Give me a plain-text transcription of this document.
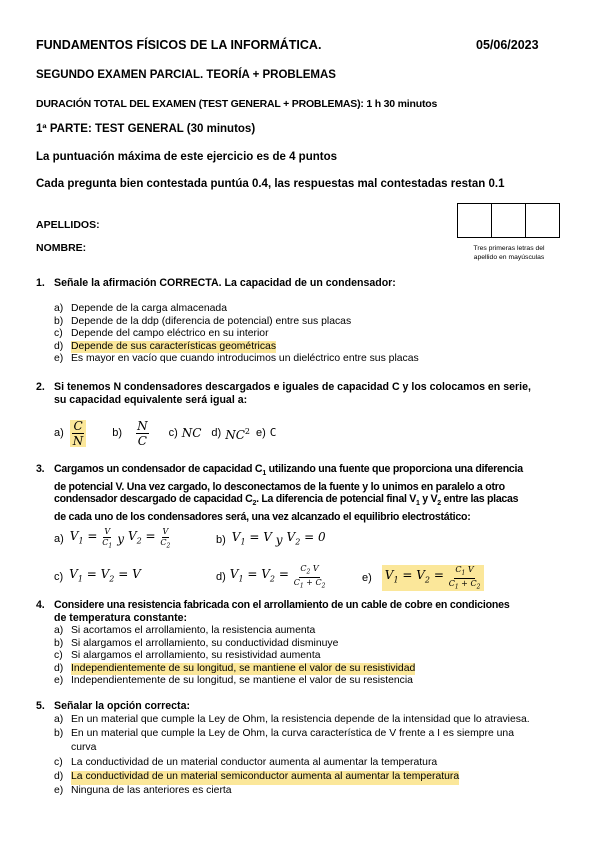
FUNDAMENTOS FÍSICOS DE LA INFORMÁTICA.	05/06/2023
SEGUNDO EXAMEN PARCIAL. TEORÍA + PROBLEMAS
DURACIÓN TOTAL DEL EXAMEN (TEST GENERAL + PROBLEMAS): 1 h 30 minutos
1ª PARTE: TEST GENERAL (30 minutos)
La puntuación máxima de este ejercicio es de 4 puntos
Cada pregunta bien contestada puntúa 0.4, las respuestas mal contestadas restan 0.1
APELLIDOS:
NOMBRE:	Tres primeras letras del
apellido en mayúsculas
1. Señale la afirmación CORRECTA. La capacidad de un condensador:
a) Depende de la carga almacenada
b) Depende de la ddp (diferencia de potencial) entre sus placas
c) Depende del campo eléctrico en su interior
d) Depende de sus características geométricas
e) Es mayor en vacío que cuando introducimos un dieléctrico entre sus placas
2. Si tenemos N condensadores descargados e iguales de capacidad C y los colocamos en serie,
su capacidad equivalente será igual a:
$a) \frac{C}{N} b) \frac{N}{C} c$) NC d) $NC^2$ e) C
3. Cargamos un condensador de capacidad $C_1$ utilizando una fuente que proporciona una diferencia
de potencial V. Una vez cargado, lo desconectamos de la fuente y lo unimos en paralelo a otro
condensador descargado de capacidad $C_2$. La diferencia de potencial final $V_1$ y $V_2$ entre las placas
de cada uno de los condensadores será, una vez alcanzado el equilibrio electrostático:
a) $V_1 = \frac{V}{C_1}$ y $V_2 = \frac{V}{C_2}$	b) $V_1 = V$ y $V_2 = 0$
c) $V_1 = V_2 = V$	d) $V_1 = V_2 = \frac{C_2 V}{C_1 + C_2}$	e) $V_1 = V_2 = \frac{C_1 V}{C_1 + C_2}$
4. Considere una resistencia fabricada con el arrollamiento de un cable de cobre en condiciones
de temperatura constante:
a) Si acortamos el arrollamiento, la resistencia aumenta
b) Si alargamos el arrollamiento, su conductividad disminuye
c) Si alargamos el arrollamiento, su resistividad aumenta
d) Independientemente de su longitud, se mantiene el valor de su resistividad
e) Independientemente de su longitud, se mantiene el valor de su resistencia
5. Señalar la opción correcta:
a) En un material que cumple la Ley de Ohm, la resistencia depende de la intensidad que lo atraviesa.
b) En un material que cumple la Ley de Ohm, la curva característica de V frente a I es siempre una
curva
c) La conductividad de un material conductor aumenta al aumentar la temperatura
d) La conductividad de un material semiconductor aumenta al aumentar la temperatura
e) Ninguna de las anteriores es cierta
